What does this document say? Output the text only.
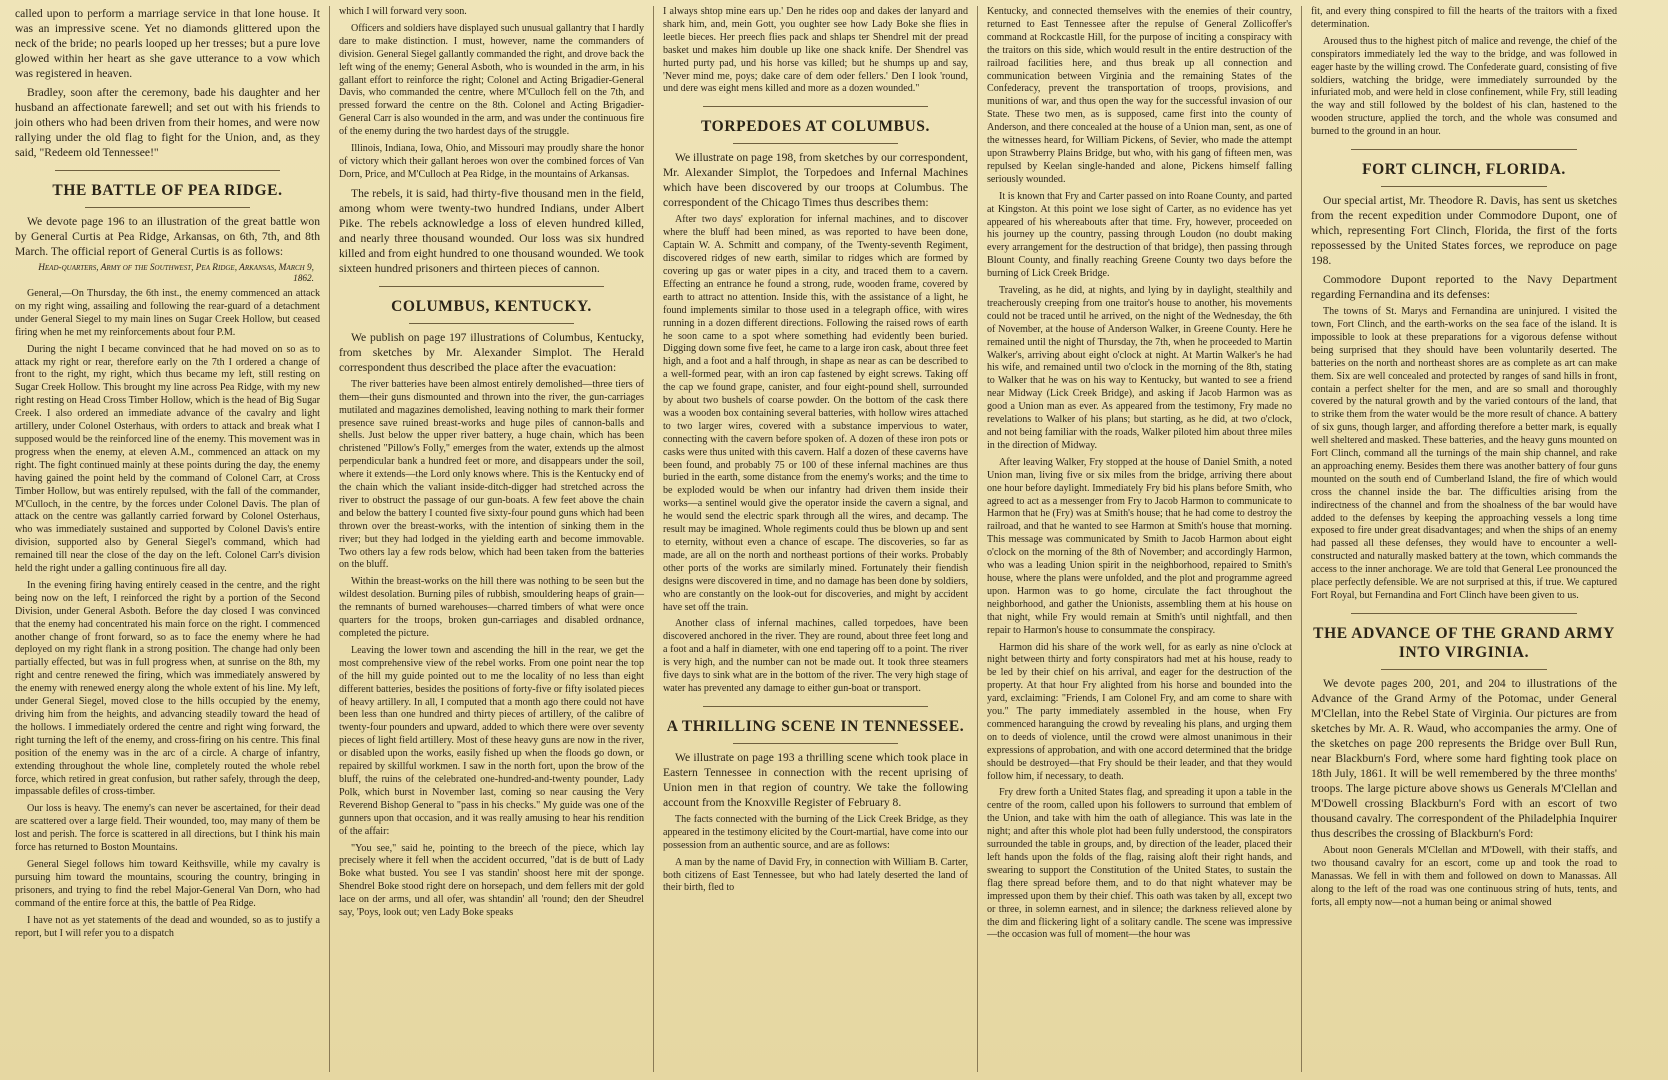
called upon to perform a marriage service in that lone house. It was an impressive scene. Yet no diamonds glittered upon the neck of the bride; no pearls looped up her tresses; but a pure love glowed within her heart as she gave utterance to a vow which was registered in heaven.

Bradley, soon after the ceremony, bade his daughter and her husband an affectionate farewell; and set out with his friends to join others who had been driven from their homes, and were now rallying under the old flag to fight for the Union, and, as they said, "Redeem old Tennessee!"

THE BATTLE OF PEA RIDGE.

We devote page 196 to an illustration of the great battle won by General Curtis at Pea Ridge, Arkansas, on 6th, 7th, and 8th March. The official report of General Curtis is as follows:

Head-quarters, Army of the Southwest, Pea Ridge, Arkansas, March 9, 1862.

General,—On Thursday, the 6th inst., the enemy commenced an attack on my right wing, assailing and following the rear-guard of a detachment under General Siegel to my main lines on Sugar Creek Hollow, but ceased firing when he met my reinforcements about four P.M.

During the night I became convinced that he had moved on so as to attack my right or rear, therefore early on the 7th I ordered a change of front to the right, my right, which thus became my left, still resting on Sugar Creek Hollow. This brought my line across Pea Ridge, with my new right resting on Head Cross Timber Hollow, which is the head of Big Sugar Creek. I also ordered an immediate advance of the cavalry and light artillery, under Colonel Osterhaus, with orders to attack and break what I supposed would be the reinforced line of the enemy. This movement was in progress when the enemy, at eleven A.M., commenced an attack on my right. The fight continued mainly at these points during the day, the enemy having gained the point held by the command of Colonel Carr, at Cross Timber Hollow, but was entirely repulsed, with the fall of the commander, M'Culloch, in the centre, by the forces under Colonel Davis. The plan of attack on the centre was gallantly carried forward by Colonel Osterhaus, who was immediately sustained and supported by Colonel Davis's entire division, supported also by General Siegel's command, which had remained till near the close of the day on the left. Colonel Carr's division held the right under a galling continuous fire all day.

In the evening firing having entirely ceased in the centre, and the right being now on the left, I reinforced the right by a portion of the Second Division, under General Asboth. Before the day closed I was convinced that the enemy had concentrated his main force on the right. I commenced another change of front forward, so as to face the enemy where he had deployed on my right flank in a strong position. The change had only been partially effected, but was in full progress when, at sunrise on the 8th, my right and centre renewed the firing, which was immediately answered by the enemy with renewed energy along the whole extent of his line. My left, under General Siegel, moved close to the hills occupied by the enemy, driving him from the heights, and advancing steadily toward the head of the hollows. I immediately ordered the centre and right wing forward, the right turning the left of the enemy, and cross-firing on his centre. This final position of the enemy was in the arc of a circle. A charge of infantry, extending throughout the whole line, completely routed the whole rebel force, which retired in great confusion, but rather safely, through the deep, impassable defiles of cross-timber.

Our loss is heavy. The enemy's can never be ascertained, for their dead are scattered over a large field. Their wounded, too, may many of them be lost and perish. The force is scattered in all directions, but I think his main force has returned to Boston Mountains.

General Siegel follows him toward Keithsville, while my cavalry is pursuing him toward the mountains, scouring the country, bringing in prisoners, and trying to find the rebel Major-General Van Dorn, who had command of the entire force at this, the battle of Pea Ridge.

I have not as yet statements of the dead and wounded, so as to justify a report, but I will refer you to a dispatch

which I will forward very soon.

Officers and soldiers have displayed such unusual gallantry that I hardly dare to make distinction. I must, however, name the commanders of division. General Siegel gallantly commanded the right, and drove back the left wing of the enemy; General Asboth, who is wounded in the arm, in his gallant effort to reinforce the right; Colonel and Acting Brigadier-General Davis, who commanded the centre, where M'Culloch fell on the 7th, and pressed forward the centre on the 8th. Colonel and Acting Brigadier-General Carr is also wounded in the arm, and was under the continuous fire of the enemy during the two hardest days of the struggle.

Illinois, Indiana, Iowa, Ohio, and Missouri may proudly share the honor of victory which their gallant heroes won over the combined forces of Van Dorn, Price, and M'Culloch at Pea Ridge, in the mountains of Arkansas.

The rebels, it is said, had thirty-five thousand men in the field, among whom were twenty-two hundred Indians, under Albert Pike. The rebels acknowledge a loss of eleven hundred killed, and nearly three thousand wounded. Our loss was six hundred killed and from eight hundred to one thousand wounded. We took sixteen hundred prisoners and thirteen pieces of cannon.

COLUMBUS, KENTUCKY.

We publish on page 197 illustrations of Columbus, Kentucky, from sketches by Mr. Alexander Simplot. The Herald correspondent thus described the place after the evacuation:

The river batteries have been almost entirely demolished—three tiers of them—their guns dismounted and thrown into the river, the gun-carriages mutilated and magazines demolished, leaving nothing to mark their former presence save ruined breast-works and huge piles of cannon-balls and shells. Just below the upper river battery, a huge chain, which has been christened "Pillow's Folly," emerges from the water, extends up the almost perpendicular bank a hundred feet or more, and disappears under the soil, where it extends—the Lord only knows where. This is the Kentucky end of the chain which the valiant inside-ditch-digger had stretched across the river to obstruct the passage of our gun-boats. A few feet above the chain and below the battery I counted five sixty-four pound guns which had been thrown over the breast-works, with the intention of sinking them in the river; but they had lodged in the yielding earth and become immovable. Two others lay a few rods below, which had been taken from the batteries on the bluff.

Within the breast-works on the hill there was nothing to be seen but the wildest desolation. Burning piles of rubbish, smouldering heaps of grain—the remnants of burned warehouses—charred timbers of what were once quarters for the troops, broken gun-carriages and disabled ordnance, completed the picture.

Leaving the lower town and ascending the hill in the rear, we get the most comprehensive view of the rebel works. From one point near the top of the hill my guide pointed out to me the locality of no less than eight different batteries, besides the positions of forty-five or fifty isolated pieces of heavy artillery. In all, I computed that a month ago there could not have been less than one hundred and thirty pieces of artillery, of the calibre of twenty-four pounders and upward, added to which there were over seventy pieces of light field artillery. Most of these heavy guns are now in the river, or disabled upon the works, easily fished up when the floods go down, or repaired by skillful workmen. I saw in the north fort, upon the brow of the bluff, the ruins of the celebrated one-hundred-and-twenty pounder, Lady Polk, which burst in November last, coming so near causing the Very Reverend Bishop General to "pass in his checks." My guide was one of the gunners upon that occasion, and it was really amusing to hear his rendition of the affair:

"You see," said he, pointing to the breech of the piece, which lay precisely where it fell when the accident occurred, "dat is de butt of Lady Boke what busted. You see I vas standin' shoost here mit der sponge. Shendrel Boke stood right dere on horsepach, und dem fellers mit der gold lace on der arms, und all ofer, was shtandin' all 'round; den der Sheudrel say, 'Poys, look out; ven Lady Boke speaks

I always shtop mine ears up.' Den he rides oop and dakes der lanyard and shark him, and, mein Gott, you oughter see how Lady Boke she flies in leetle bieces. Her preech flies pack and shlaps ter Shendrel mit der pread basket und makes him double up like one shack knife. Der Shendrel vas hurted purty pad, und his horse vas killed; but he shumps up and say, 'Never mind me, poys; dake care of dem oder fellers.' Den I look 'round, und dere was eight mens killed and more as a dozen wounded."

TORPEDOES AT COLUMBUS.

We illustrate on page 198, from sketches by our correspondent, Mr. Alexander Simplot, the Torpedoes and Infernal Machines which have been discovered by our troops at Columbus. The correspondent of the Chicago Times thus describes them:

After two days' exploration for infernal machines, and to discover where the bluff had been mined, as was reported to have been done, Captain W. A. Schmitt and company, of the Twenty-seventh Regiment, discovered ridges of new earth, similar to ridges which are formed by covering up gas or water pipes in a city, and traced them to a cavern. Effecting an entrance he found a strong, rude, wooden frame, covered by earth to attract no attention. Inside this, with the assistance of a light, he found implements similar to those used in a telegraph office, with wires running in a dozen different directions. Following the raised rows of earth he soon came to a spot where something had evidently been buried. Digging down some five feet, he came to a large iron cask, about three feet high, and a foot and a half through, in shape as near as can be described to a well-formed pear, with an iron cap fastened by eight screws. Taking off the cap we found grape, canister, and four eight-pound shell, surrounded by about two bushels of coarse powder. On the bottom of the cask there was a wooden box containing several batteries, with hollow wires attached to two larger wires, covered with a substance impervious to water, connecting with the cavern before spoken of. A dozen of these iron pots or casks were thus united with this cavern. Half a dozen of these caverns have been found, and probably 75 or 100 of these infernal machines are thus buried in the earth, some distance from the enemy's works; and the time to be exploded would be when our infantry had driven them inside their works—a sentinel would give the operator inside the cavern a signal, and he would send the electric spark through all the wires, and decamp. The result may be imagined. Whole regiments could thus be blown up and sent to eternity, without even a chance of escape. The discoveries, so far as made, are all on the north and northeast portions of their works. Probably other ports of the works are similarly mined. Fortunately their fiendish designs were discovered in time, and no damage has been done by soldiers, who are constantly on the look-out for discoveries, and might by accident have set off the train.

Another class of infernal machines, called torpedoes, have been discovered anchored in the river. They are round, about three feet long and a foot and a half in diameter, with one end tapering off to a point. The river is very high, and the number can not be made out. It took three steamers five days to sink what are in the bottom of the river. The very high stage of water has prevented any damage to either gun-boat or transport.

A THRILLING SCENE IN TENNESSEE.

We illustrate on page 193 a thrilling scene which took place in Eastern Tennessee in connection with the recent uprising of Union men in that region of country. We take the following account from the Knoxville Register of February 8.

The facts connected with the burning of the Lick Creek Bridge, as they appeared in the testimony elicited by the Court-martial, have come into our possession from an authentic source, and are as follows:

A man by the name of David Fry, in connection with William B. Carter, both citizens of East Tennessee, but who had lately deserted the land of their birth, fled to

Kentucky, and connected themselves with the enemies of their country, returned to East Tennessee after the repulse of General Zollicoffer's command at Rockcastle Hill, for the purpose of inciting a conspiracy with the traitors on this side, which would result in the entire destruction of the railroad facilities here, and thus break up all connection and communication between Virginia and the remaining States of the Confederacy, prevent the transportation of troops, provisions, and munitions of war, and thus open the way for the successful invasion of our State. These two men, as is supposed, came first into the county of Anderson, and there concealed at the house of a Union man, sent, as one of the witnesses heard, for William Pickens, of Sevier, who made the attempt upon Strawberry Plains Bridge, but who, with his gang of fifteen men, was repulsed by Keelan single-handed and alone, Pickens himself falling seriously wounded.

It is known that Fry and Carter passed on into Roane County, and parted at Kingston. At this point we lose sight of Carter, as no evidence has yet appeared of his whereabouts after that time. Fry, however, proceeded on his journey up the country, passing through Loudon (no doubt making every arrangement for the destruction of that bridge), then passing through Blount County, and finally reaching Greene County two days before the burning of Lick Creek Bridge.

Traveling, as he did, at nights, and lying by in daylight, stealthily and treacherously creeping from one traitor's house to another, his movements could not be traced until he arrived, on the night of the Wednesday, the 6th of November, at the house of Anderson Walker, in Greene County. Here he remained until the night of Thursday, the 7th, when he proceeded to Martin Walker's, arriving about eight o'clock at night. At Martin Walker's he had his wife, and remained until two o'clock in the morning of the 8th, stating to Walker that he was on his way to Kentucky, but wanted to see a friend near Midway (Lick Creek Bridge), and asking if Jacob Harmon was as good a Union man as ever. As appeared from the testimony, Fry made no revelations to Walker of his plans; but starting, as he did, at two o'clock, and not being familiar with the roads, Walker piloted him about three miles in the direction of Midway.

After leaving Walker, Fry stopped at the house of Daniel Smith, a noted Union man, living five or six miles from the bridge, arriving there about one hour before daylight. Immediately Fry bid his plans before Smith, who agreed to act as a messenger from Fry to Jacob Harmon to communicate to Harmon that he (Fry) was at Smith's house; that he had come to destroy the railroad, and that he wanted to see Harmon at Smith's house that morning. This message was communicated by Smith to Jacob Harmon about eight o'clock on the morning of the 8th of November; and accordingly Harmon, who was a leading Union spirit in the neighborhood, repaired to Smith's house, where the plans were unfolded, and the plot and programme agreed upon. Harmon was to go home, circulate the fact throughout the neighborhood, and gather the Unionists, assembling them at his house on that night, while Fry would remain at Smith's until nightfall, and then repair to Harmon's house to consummate the conspiracy.

Harmon did his share of the work well, for as early as nine o'clock at night between thirty and forty conspirators had met at his house, ready to be led by their chief on his arrival, and eager for the destruction of the property. At that hour Fry alighted from his horse and bounded into the yard, exclaiming: "Friends, I am Colonel Fry, and am come to share with you." The party immediately assembled in the house, when Fry commenced haranguing the crowd by revealing his plans, and urging them on to deeds of violence, until the crowd were almost unanimous in their expressions of approbation, and with one accord determined that the bridge should be destroyed—that Fry should be their leader, and that they would follow him, if necessary, to death.

Fry drew forth a United States flag, and spreading it upon a table in the centre of the room, called upon his followers to surround that emblem of the Union, and take with him the oath of allegiance. This was late in the night; and after this whole plot had been fully understood, the conspirators surrounded the table in groups, and, by direction of the leader, placed their left hands upon the folds of the flag, raising aloft their right hands, and swearing to support the Constitution of the United States, to sustain the flag there spread before them, and to do that night whatever may be impressed upon them by their chief. This oath was taken by all, except two or three, in solemn earnest, and in silence; the darkness relieved alone by the dim and flickering light of a solitary candle. The scene was impressive—the occasion was full of moment—the hour was

fit, and every thing conspired to fill the hearts of the traitors with a fixed determination.

Aroused thus to the highest pitch of malice and revenge, the chief of the conspirators immediately led the way to the bridge, and was followed in eager haste by the willing crowd. The Confederate guard, consisting of five soldiers, watching the bridge, were immediately surrounded by the infuriated mob, and were held in close confinement, while Fry, still leading the way and still followed by the boldest of his clan, hastened to the wooden structure, applied the torch, and the whole was consumed and burned to the ground in an hour.

FORT CLINCH, FLORIDA.

Our special artist, Mr. Theodore R. Davis, has sent us sketches from the recent expedition under Commodore Dupont, one of which, representing Fort Clinch, Florida, the first of the forts repossessed by the United States forces, we reproduce on page 198.

Commodore Dupont reported to the Navy Department regarding Fernandina and its defenses:

The towns of St. Marys and Fernandina are uninjured. I visited the town, Fort Clinch, and the earth-works on the sea face of the island. It is impossible to look at these preparations for a vigorous defense without being surprised that they should have been voluntarily deserted. The batteries on the north and northeast shores are as complete as art can make them. Six are well concealed and protected by ranges of sand hills in front, contain a perfect shelter for the men, and are so small and thoroughly covered by the natural growth and by the varied contours of the land, that to strike them from the water would be the more result of chance. A battery of six guns, though larger, and affording therefore a better mark, is equally well sheltered and masked. These batteries, and the heavy guns mounted on Fort Clinch, command all the turnings of the main ship channel, and rake an approaching enemy. Besides them there was another battery of four guns mounted on the south end of Cumberland Island, the fire of which would cross the channel inside the bar. The difficulties arising from the indirectness of the channel and from the shoalness of the bar would have added to the defenses by keeping the approaching vessels a long time exposed to fire under great disadvantages; and when the ships of an enemy had passed all these defenses, they would have to encounter a well-constructed and naturally masked battery at the town, which commands the access to the inner anchorage. We are told that General Lee pronounced the place perfectly defensible. We are not surprised at this, if true. We captured Fort Royal, but Fernandina and Fort Clinch have been given to us.

THE ADVANCE OF THE GRAND ARMY INTO VIRGINIA.

We devote pages 200, 201, and 204 to illustrations of the Advance of the Grand Army of the Potomac, under General M'Clellan, into the Rebel State of Virginia. Our pictures are from sketches by Mr. A. R. Waud, who accompanies the army. One of the sketches on page 200 represents the Bridge over Bull Run, near Blackburn's Ford, where some hard fighting took place on 18th July, 1861. It will be well remembered by the three months' troops. The large picture above shows us Generals M'Clellan and M'Dowell crossing Blackburn's Ford with an escort of two thousand cavalry. The correspondent of the Philadelphia Inquirer thus describes the crossing of Blackburn's Ford:

About noon Generals M'Clellan and M'Dowell, with their staffs, and two thousand cavalry for an escort, come up and took the road to Manassas. We fell in with them and followed on down to Manassas. All along to the left of the road was one continuous string of huts, tents, and forts, all empty now—not a human being or animal showed
